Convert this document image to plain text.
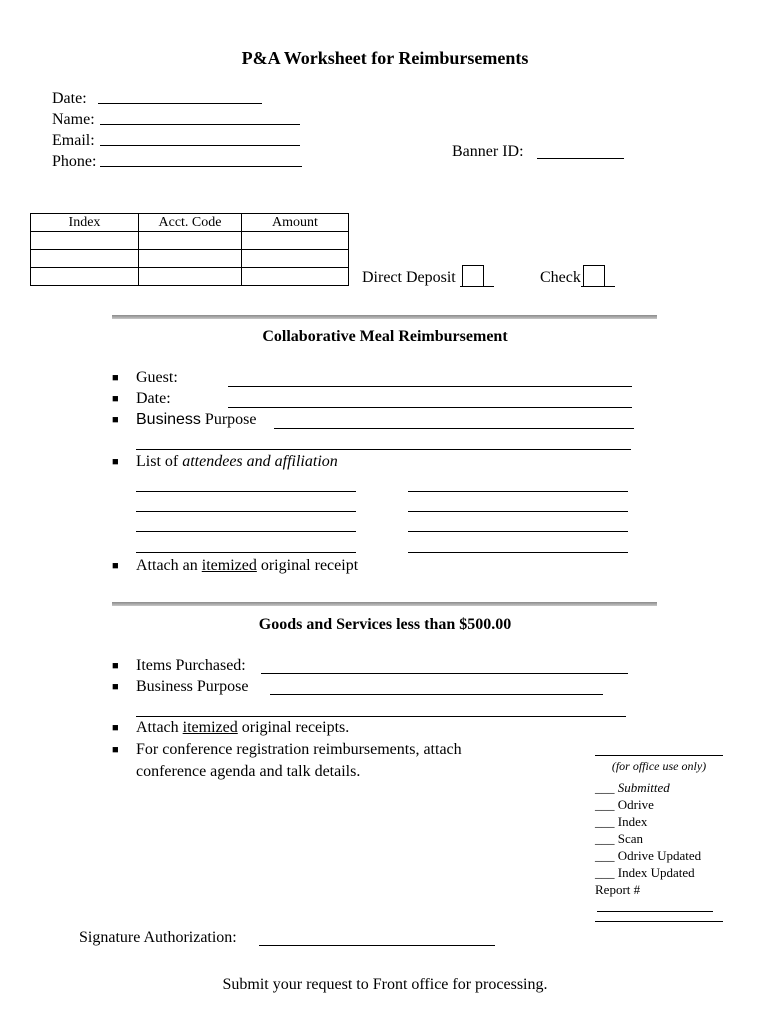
P&A Worksheet for Reimbursements
Date:
Name:
Email:
Phone:
Banner ID:
Index	Acct. Code	Amount

Direct Deposit	Check
Collaborative Meal Reimbursement
■ Guest:
■ Date:
■ Business Purpose
■ List of attendees and affiliation
■ Attach an itemized original receipt
Goods and Services less than $500.00
■ Items Purchased:
■ Business Purpose
■ Attach itemized original receipts.
■ For conference registration reimbursements, attach
conference agenda and talk details.	(for office use only)
___ Submitted
___ Odrive
___ Index
___ Scan
___ Odrive Updated
___ Index Updated
Report #
Signature Authorization:
Submit your request to Front office for processing.
